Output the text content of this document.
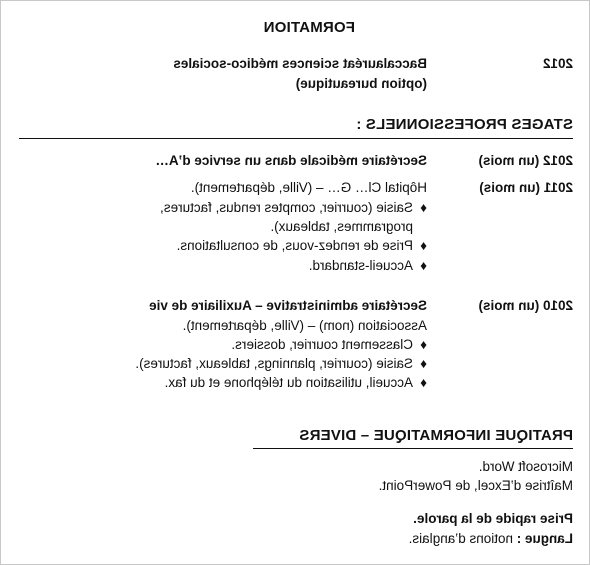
FORMATION
2012
Baccalauréat sciences médico-sociales
(option bureautique)
STAGES PROFESSIONNELS :
2012 (un mois)
Secrétaire médicale dans un service d’A…
2011 (un mois)
Hôpital Cl… G… – (Ville, département).
♦Saisie (courrier, comptes rendus, factures,
programmes, tableaux).
♦Prise de rendez-vous, de consultations.
♦Accueil-standard.
2010 (un mois)
Secrétaire administrative – Auxiliaire de vie
Association (nom) – (Ville, département).
♦Classement courrier, dossiers.
♦Saisie (courrier, plannings, tableaux, factures).
♦Accueil, utilisation du téléphone et du fax.
PRATIQUE INFORMATIQUE – DIVERS
Microsoft Word.
Maîtrise d’Excel, de PowerPoint.
Prise rapide de la parole.
Langue : notions d’anglais.
